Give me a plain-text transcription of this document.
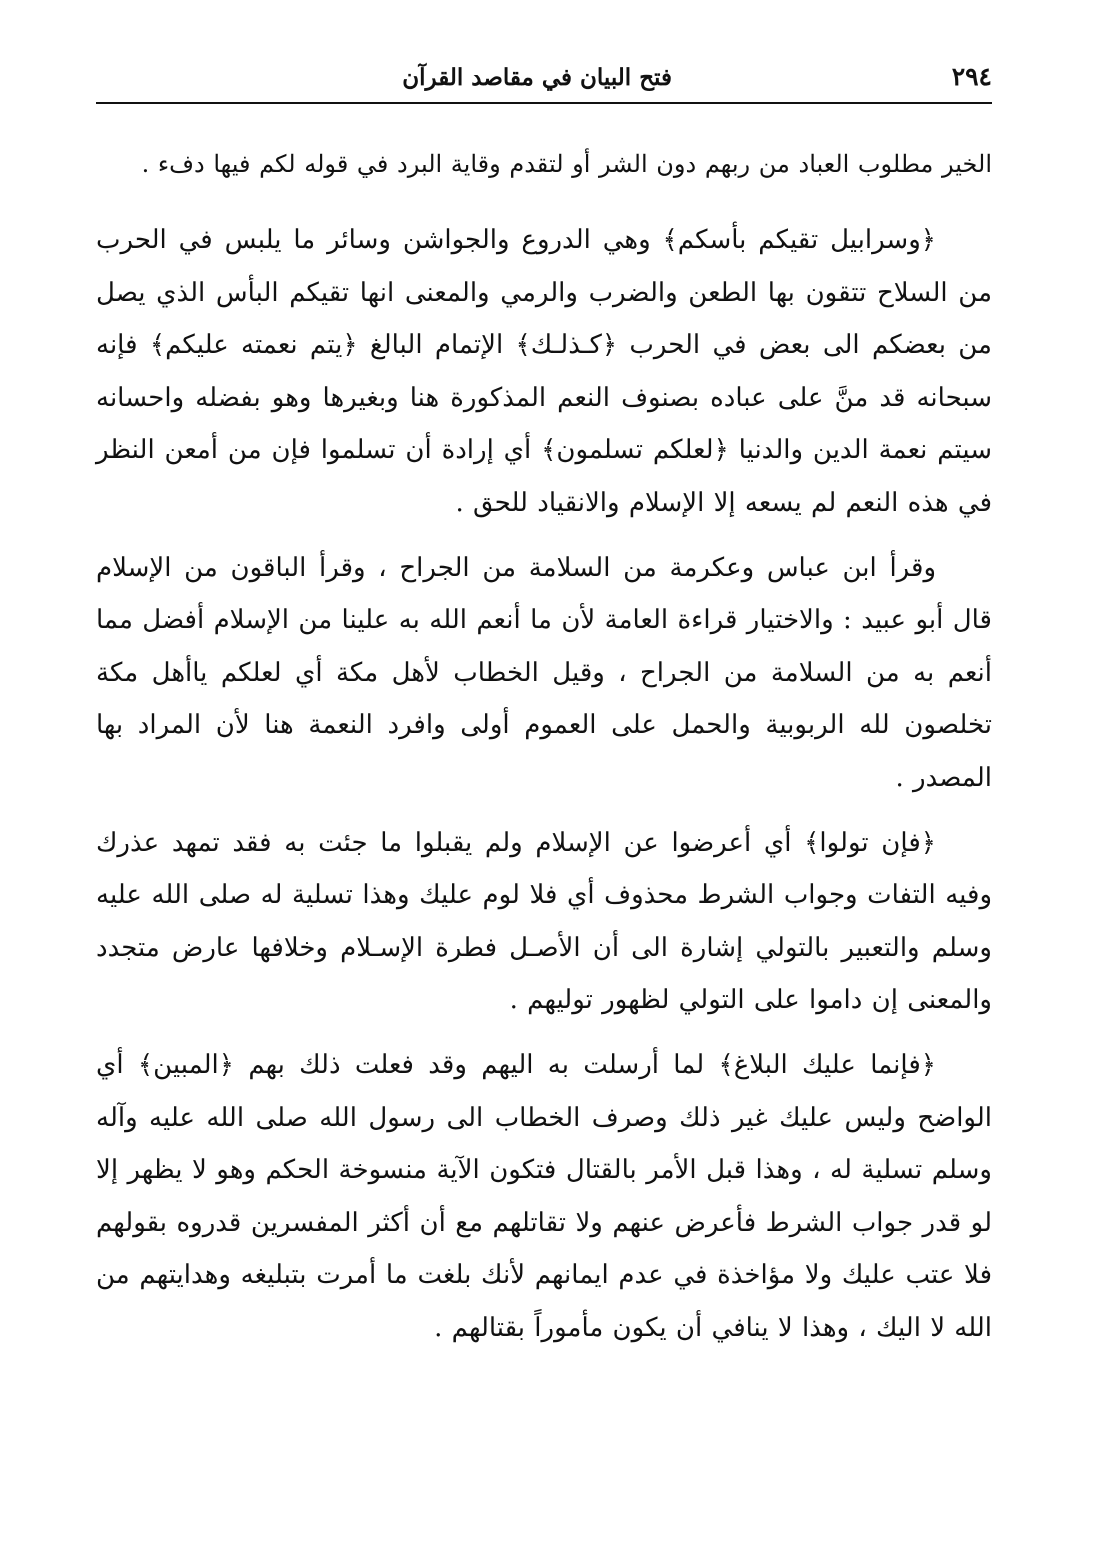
٢٩٤
فتح البيان في مقاصد القرآن

الخير مطلوب العباد من ربهم دون الشر أو لتقدم وقاية البرد في قوله لكم فيها دفء .

﴿وسرابيل تقيكم بأسكم﴾ وهي الدروع والجواشن وسائر ما يلبس في الحرب من السلاح تتقون بها الطعن والضرب والرمي والمعنى انها تقيكم البأس الذي يصل من بعضكم الى بعض في الحرب ﴿كـذلـك﴾ الإتمام البالغ ﴿يتم نعمته عليكم﴾ فإنه سبحانه قد منَّ على عباده بصنوف النعم المذكورة هنا وبغيرها وهو بفضله واحسانه سيتم نعمة الدين والدنيا ﴿لعلكم تسلمون﴾ أي إرادة أن تسلموا فإن من أمعن النظر في هذه النعم لم يسعه إلا الإسلام والانقياد للحق .

وقرأ ابن عباس وعكرمة من السلامة من الجراح ، وقرأ الباقون من الإسلام قال أبو عبيد : والاختيار قراءة العامة لأن ما أنعم الله به علينا من الإسلام أفضل مما أنعم به من السلامة من الجراح ، وقيل الخطاب لأهل مكة أي لعلكم ياأهل مكة تخلصون لله الربوبية والحمل على العموم أولى وافرد النعمة هنا لأن المراد بها المصدر .

﴿فإن تولوا﴾ أي أعرضوا عن الإسلام ولم يقبلوا ما جئت به فقد تمهد عذرك وفيه التفات وجواب الشرط محذوف أي فلا لوم عليك وهذا تسلية له صلى الله عليه وسلم والتعبير بالتولي إشارة الى أن الأصـل فطرة الإسـلام وخلافها عارض متجدد والمعنى إن داموا على التولي لظهور توليهم .

﴿فإنما عليك البلاغ﴾ لما أرسلت به اليهم وقد فعلت ذلك بهم ﴿المبين﴾ أي الواضح وليس عليك غير ذلك وصرف الخطاب الى رسول الله صلى الله عليه وآله وسلم تسلية له ، وهذا قبل الأمر بالقتال فتكون الآية منسوخة الحكم وهو لا يظهر إلا لو قدر جواب الشرط فأعرض عنهم ولا تقاتلهم مع أن أكثر المفسرين قدروه بقولهم فلا عتب عليك ولا مؤاخذة في عدم ايمانهم لأنك بلغت ما أمرت بتبليغه وهدايتهم من الله لا اليك ، وهذا لا ينافي أن يكون مأموراً بقتالهم .
